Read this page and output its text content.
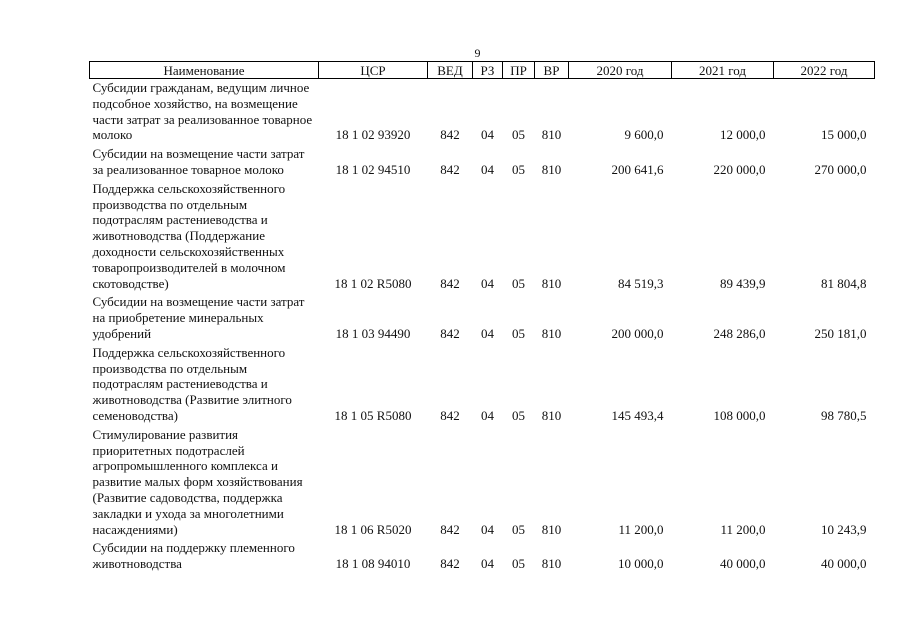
9
Наименование	ЦСР	ВЕД	РЗ	ПР	ВР	2020 год	2021 год	2022 год
Субсидии гражданам, ведущим личное подсобное хозяйство, на возмещение части затрат за реализованное товарное молоко	18 1 02 93920	842	04	05	810	9 600,0	12 000,0	15 000,0
Субсидии на возмещение части затрат за реализованное товарное молоко	18 1 02 94510	842	04	05	810	200 641,6	220 000,0	270 000,0
Поддержка сельскохозяйственного производства по отдельным подотраслям растениеводства и животноводства (Поддержание доходности сельскохозяйственных товаропроизводителей в молочном скотоводстве)	18 1 02 R5080	842	04	05	810	84 519,3	89 439,9	81 804,8
Субсидии на возмещение части затрат на приобретение минеральных удобрений	18 1 03 94490	842	04	05	810	200 000,0	248 286,0	250 181,0
Поддержка сельскохозяйственного производства по отдельным подотраслям растениеводства и животноводства (Развитие элитного семеноводства)	18 1 05 R5080	842	04	05	810	145 493,4	108 000,0	98 780,5
Стимулирование развития приоритетных подотраслей агропромышленного комплекса и развитие малых форм хозяйствования (Развитие садоводства, поддержка закладки и ухода за многолетними насаждениями)	18 1 06 R5020	842	04	05	810	11 200,0	11 200,0	10 243,9
Субсидии на поддержку племенного животноводства	18 1 08 94010	842	04	05	810	10 000,0	40 000,0	40 000,0
